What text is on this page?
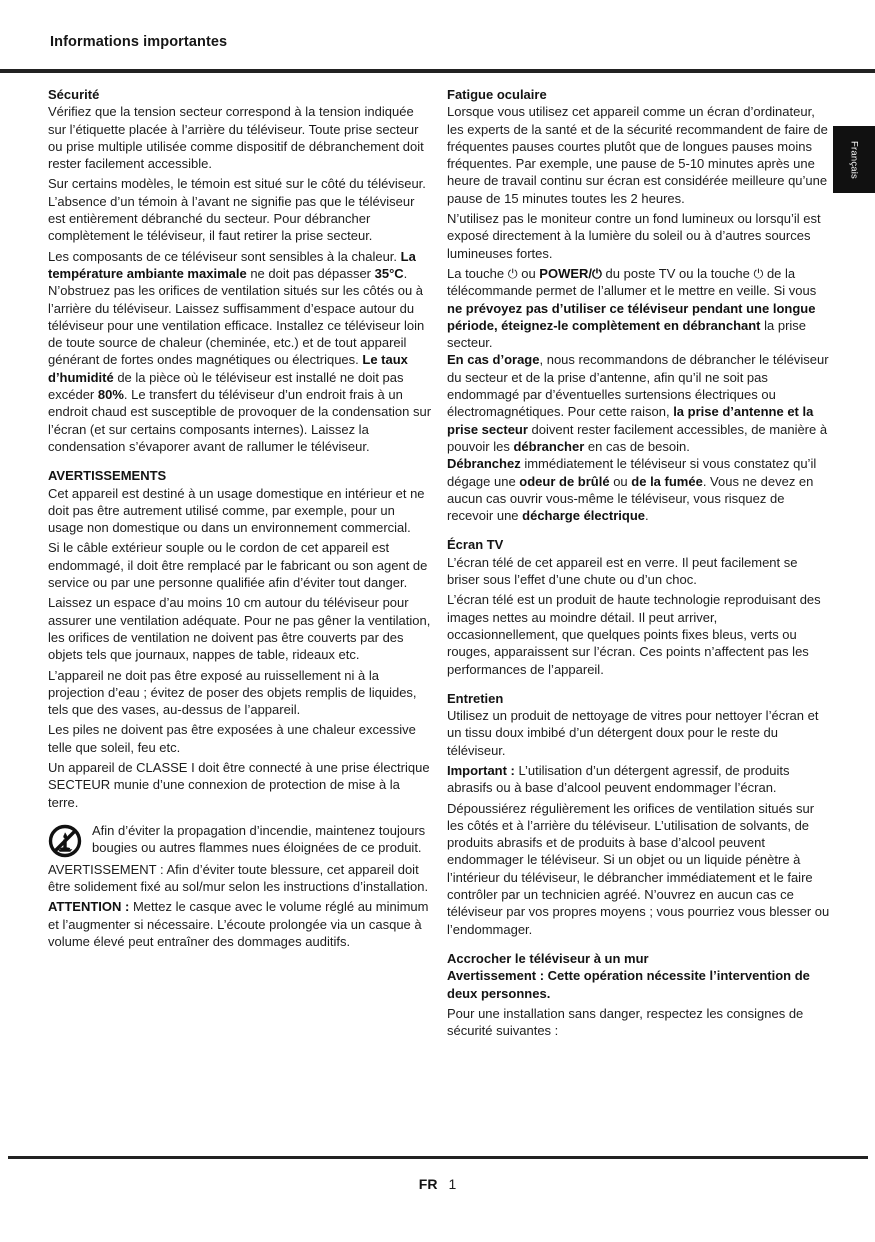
Informations importantes
Français
Sécurité

Vérifiez que la tension secteur correspond à la tension indiquée sur l’étiquette placée à l’arrière du téléviseur. Toute prise secteur ou prise multiple utilisée comme dispositif de débranchement doit rester facilement accessible.

Sur certains modèles, le témoin est situé sur le côté du téléviseur. L’absence d’un témoin à l’avant ne signifie pas que le téléviseur est entièrement débranché du secteur. Pour débrancher complètement le téléviseur, il faut retirer la prise secteur.

Les composants de ce téléviseur sont sensibles à la chaleur. La température ambiante maximale ne doit pas dépasser 35°C. N’obstruez pas les orifices de ventilation situés sur les côtés ou à l’arrière du téléviseur. Laissez suffisamment d’espace autour du téléviseur pour une ventilation efficace. Installez ce téléviseur loin de toute source de chaleur (cheminée, etc.) et de tout appareil générant de fortes ondes magnétiques ou électriques. Le taux d’humidité de la pièce où le téléviseur est installé ne doit pas excéder 80%. Le transfert du téléviseur d’un endroit frais à un endroit chaud est susceptible de provoquer de la condensation sur l’écran (et sur certains composants internes). Laissez la condensation s’évaporer avant de rallumer le téléviseur.

AVERTISSEMENTS

Cet appareil est destiné à un usage domestique en intérieur et ne doit pas être autrement utilisé comme, par exemple, pour un usage non domestique ou dans un environnement commercial.

Si le câble extérieur souple ou le cordon de cet appareil est endommagé, il doit être remplacé par le fabricant ou son agent de service ou par une personne qualifiée afin d’éviter tout danger.

Laissez un espace d’au moins 10 cm autour du téléviseur pour assurer une ventilation adéquate. Pour ne pas gêner la ventilation, les orifices de ventilation ne doivent pas être couverts par des objets tels que journaux, nappes de table, rideaux etc.

L’appareil ne doit pas être exposé au ruissellement ni à la projection d’eau ; évitez de poser des objets remplis de liquides, tels que des vases, au-dessus de l’appareil.

Les piles ne doivent pas être exposées à une chaleur excessive telle que soleil, feu etc.

Un appareil de CLASSE I doit être connecté à une prise électrique SECTEUR munie d’une connexion de protection de mise à la terre.

Afin d’éviter la propagation d’incendie, maintenez toujours bougies ou autres flammes nues éloignées de ce produit.

AVERTISSEMENT : Afin d’éviter toute blessure, cet appareil doit être solidement fixé au sol/mur selon les instructions d’installation.

ATTENTION : Mettez le casque avec le volume réglé au minimum et l’augmenter si nécessaire. L’écoute prolongée via un casque à volume élevé peut entraîner des dommages auditifs.

Fatigue oculaire

Lorsque vous utilisez cet appareil comme un écran d’ordinateur, les experts de la santé et de la sécurité recommandent de faire de fréquentes pauses courtes plutôt que de longues pauses moins fréquentes. Par exemple, une pause de 5-10 minutes après une heure de travail continu sur écran est considérée meilleure qu’une pause de 15 minutes toutes les 2 heures.

N’utilisez pas le moniteur contre un fond lumineux ou lorsqu’il est exposé directement à la lumière du soleil ou à d’autres sources lumineuses fortes.

La touche ⏻ ou POWER/⏻ du poste TV ou la touche ⏻ de la télécommande permet de l’allumer et le mettre en veille. Si vous ne prévoyez pas d’utiliser ce téléviseur pendant une longue période, éteignez-le complètement en débranchant la prise secteur.

En cas d’orage, nous recommandons de débrancher le téléviseur du secteur et de la prise d’antenne, afin qu’il ne soit pas endommagé par d’éventuelles surtensions électriques ou électromagnétiques. Pour cette raison, la prise d’antenne et la prise secteur doivent rester facilement accessibles, de manière à pouvoir les débrancher en cas de besoin.

Débranchez immédiatement le téléviseur si vous constatez qu’il dégage une odeur de brûlé ou de la fumée. Vous ne devez en aucun cas ouvrir vous-même le téléviseur, vous risquez de recevoir une décharge électrique.

Écran TV

L’écran télé de cet appareil est en verre. Il peut facilement se briser sous l’effet d’une chute ou d’un choc.

L’écran télé est un produit de haute technologie reproduisant des images nettes au moindre détail. Il peut arriver, occasionnellement, que quelques points fixes bleus, verts ou rouges, apparaissent sur l’écran. Ces points n’affectent pas les performances de l’appareil.

Entretien

Utilisez un produit de nettoyage de vitres pour nettoyer l’écran et un tissu doux imbibé d’un détergent doux pour le reste du téléviseur.

Important : L’utilisation d’un détergent agressif, de produits abrasifs ou à base d’alcool peuvent endommager l’écran.

Dépoussiérez régulièrement les orifices de ventilation situés sur les côtés et à l’arrière du téléviseur. L’utilisation de solvants, de produits abrasifs et de produits à base d’alcool peuvent endommager le téléviseur. Si un objet ou un liquide pénètre à l’intérieur du téléviseur, le débrancher immédiatement et le faire contrôler par un technicien agréé. N’ouvrez en aucun cas ce téléviseur par vos propres moyens ; vous pourriez vous blesser ou l’endommager.

Accrocher le téléviseur à un mur
Avertissement : Cette opération nécessite l’intervention de deux personnes.

Pour une installation sans danger, respectez les consignes de sécurité suivantes :

FR 1
